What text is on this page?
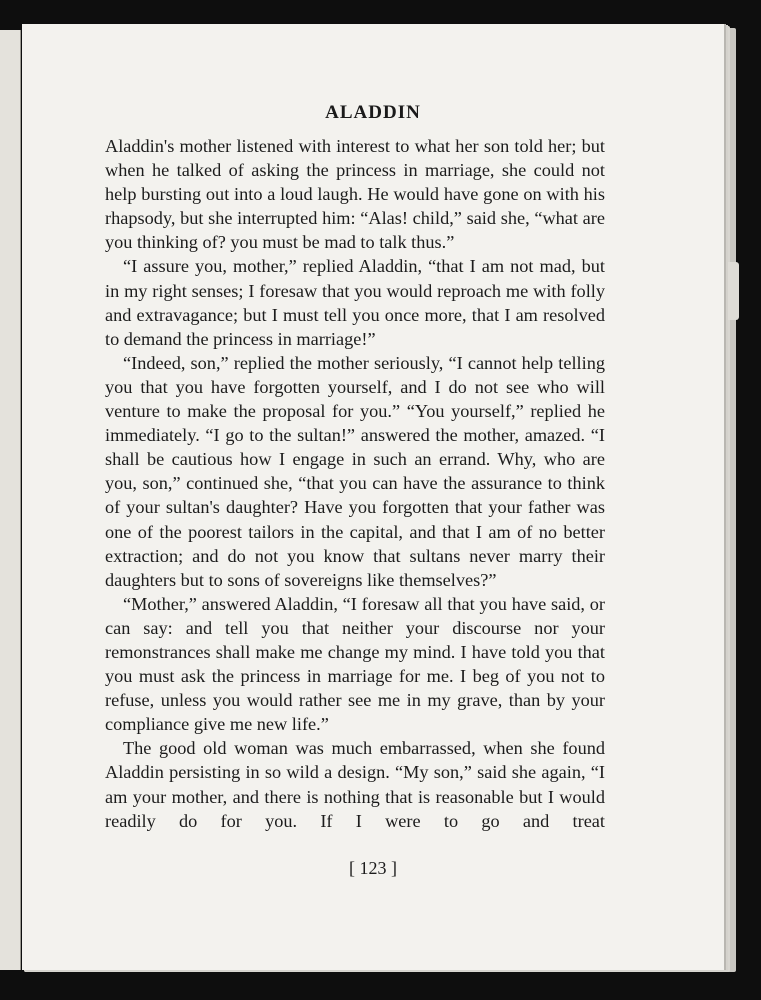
ALADDIN

Aladdin's mother listened with interest to what her son told her; but when he talked of asking the princess in marriage, she could not help bursting out into a loud laugh. He would have gone on with his rhapsody, but she interrupted him: “Alas! child,” said she, “what are you thinking of? you must be mad to talk thus.”

“I assure you, mother,” replied Aladdin, “that I am not mad, but in my right senses; I foresaw that you would reproach me with folly and extravagance; but I must tell you once more, that I am resolved to demand the princess in marriage!”

“Indeed, son,” replied the mother seriously, “I cannot help telling you that you have forgotten yourself, and I do not see who will venture to make the proposal for you.” “You yourself,” replied he immediately. “I go to the sultan!” answered the mother, amazed. “I shall be cautious how I engage in such an errand. Why, who are you, son,” continued she, “that you can have the assurance to think of your sultan's daughter? Have you forgotten that your father was one of the poorest tailors in the capital, and that I am of no better extraction; and do not you know that sultans never marry their daughters but to sons of sovereigns like themselves?”

“Mother,” answered Aladdin, “I foresaw all that you have said, or can say: and tell you that neither your discourse nor your remonstrances shall make me change my mind. I have told you that you must ask the princess in marriage for me. I beg of you not to refuse, unless you would rather see me in my grave, than by your compliance give me new life.”

The good old woman was much embarrassed, when she found Aladdin persisting in so wild a design. “My son,” said she again, “I am your mother, and there is nothing that is reasonable but I would readily do for you. If I were to go and treat

[ 123 ]
